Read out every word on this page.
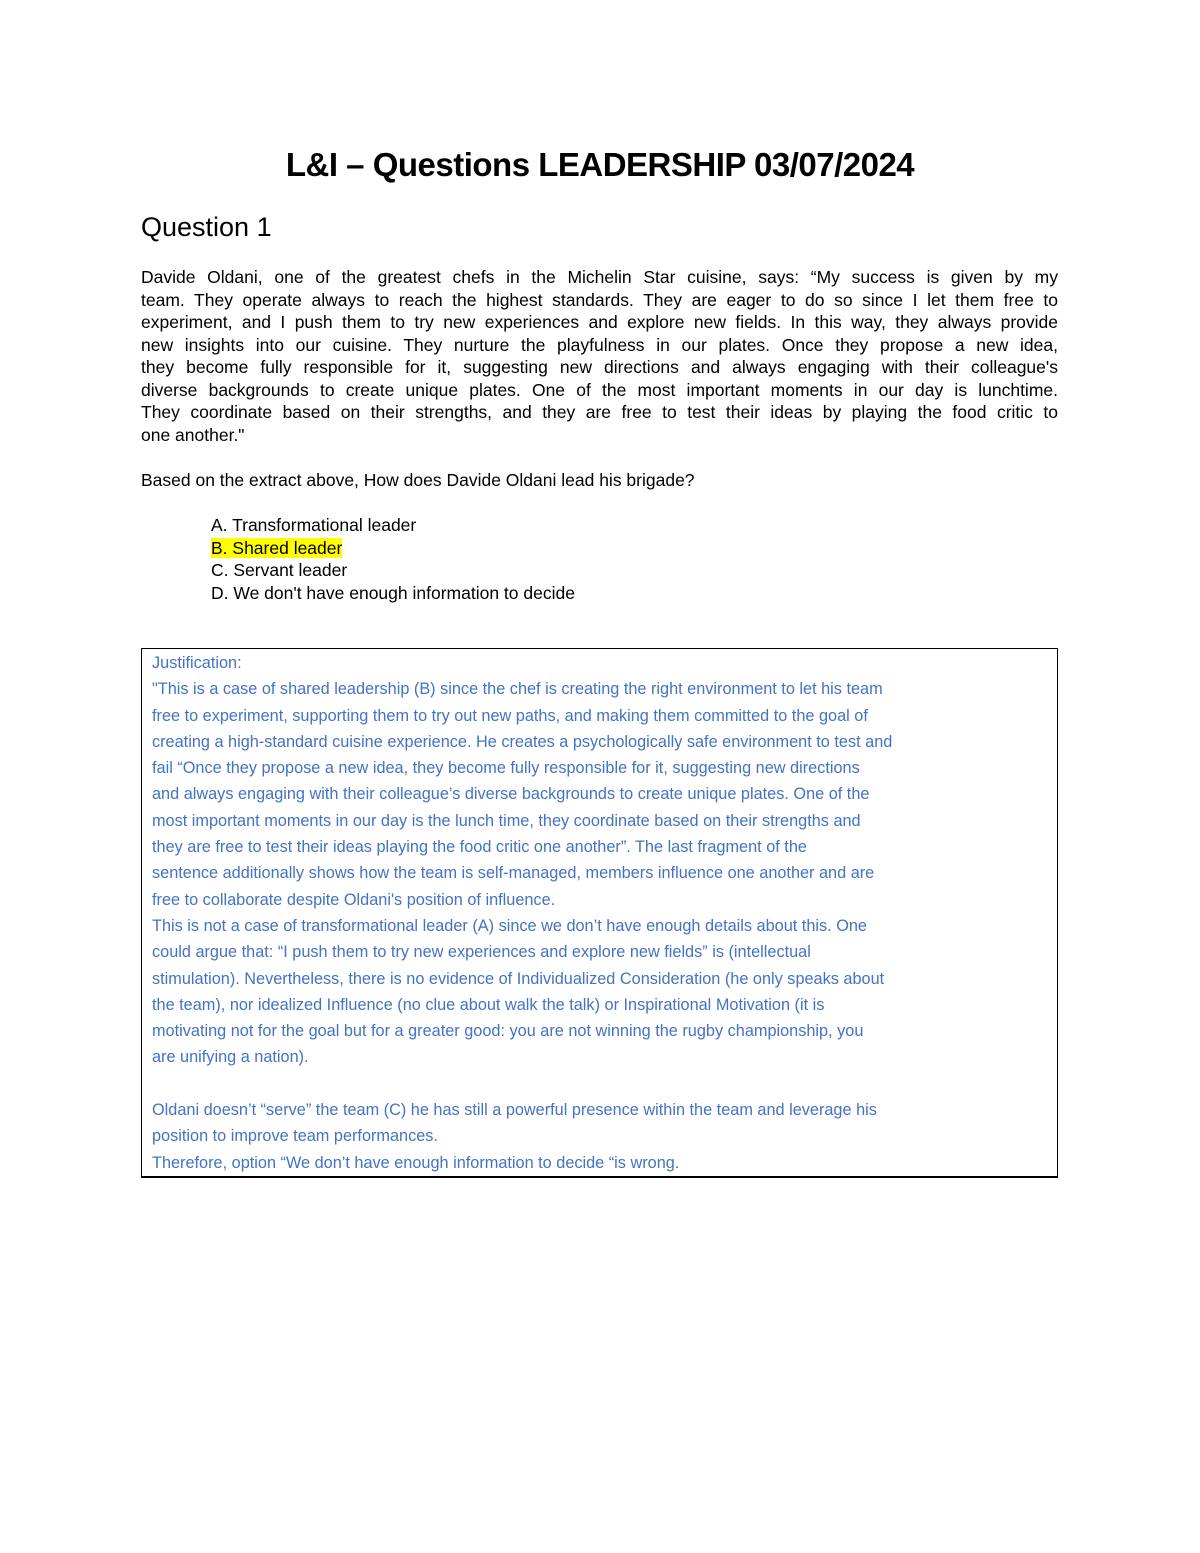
L&I – Questions LEADERSHIP 03/07/2024
Question 1
Davide Oldani, one of the greatest chefs in the Michelin Star cuisine, says: “My success is given by my
team. They operate always to reach the highest standards. They are eager to do so since I let them free to
experiment, and I push them to try new experiences and explore new fields. In this way, they always provide
new insights into our cuisine. They nurture the playfulness in our plates. Once they propose a new idea,
they become fully responsible for it, suggesting new directions and always engaging with their colleague's
diverse backgrounds to create unique plates. One of the most important moments in our day is lunchtime.
They coordinate based on their strengths, and they are free to test their ideas by playing the food critic to
one another."
Based on the extract above, How does Davide Oldani lead his brigade?
A. Transformational leader
B. Shared leader
C. Servant leader
D. We don't have enough information to decide
Justification:
"This is a case of shared leadership (B) since the chef is creating the right environment to let his team
free to experiment, supporting them to try out new paths, and making them committed to the goal of
creating a high-standard cuisine experience. He creates a psychologically safe environment to test and
fail “Once they propose a new idea, they become fully responsible for it, suggesting new directions
and always engaging with their colleague’s diverse backgrounds to create unique plates. One of the
most important moments in our day is the lunch time, they coordinate based on their strengths and
they are free to test their ideas playing the food critic one another”. The last fragment of the
sentence additionally shows how the team is self-managed, members influence one another and are
free to collaborate despite Oldani's position of influence.
This is not a case of transformational leader (A) since we don’t have enough details about this. One
could argue that: “I push them to try new experiences and explore new fields” is (intellectual
stimulation). Nevertheless, there is no evidence of Individualized Consideration (he only speaks about
the team), nor idealized Influence (no clue about walk the talk) or Inspirational Motivation (it is
motivating not for the goal but for a greater good: you are not winning the rugby championship, you
are unifying a nation).
Oldani doesn’t “serve” the team (C) he has still a powerful presence within the team and leverage his
position to improve team performances.
Therefore, option “We don’t have enough information to decide “is wrong.
